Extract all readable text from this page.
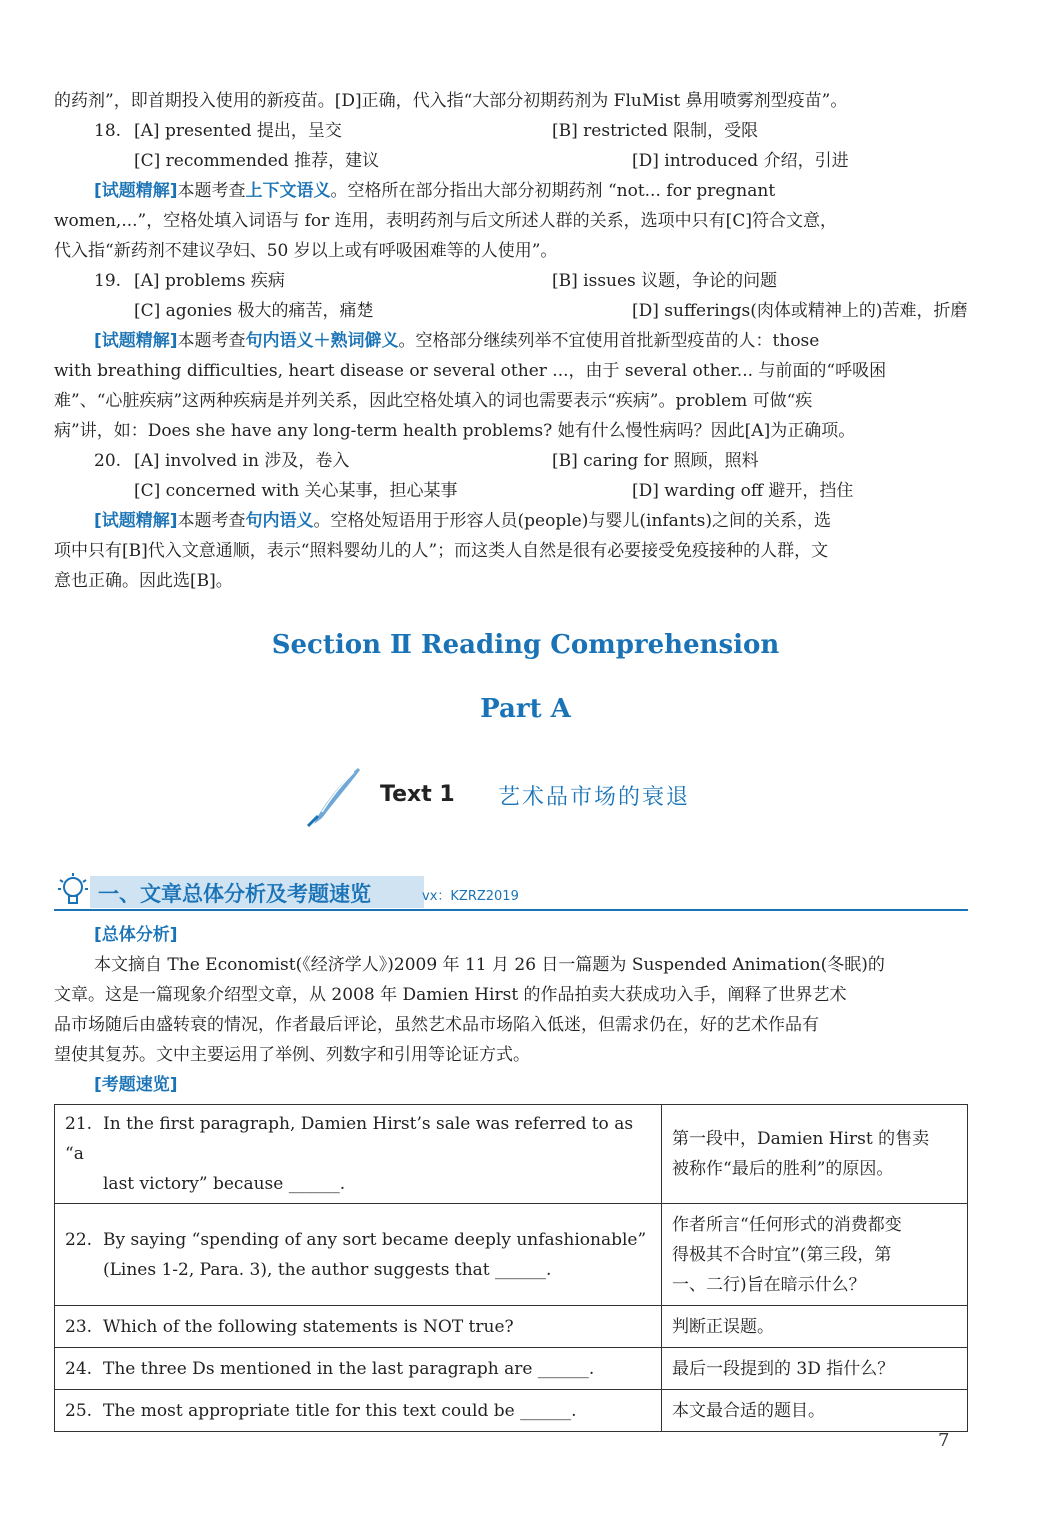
的药剂”，即首期投入使用的新疫苗。[D]正确，代入指“大部分初期药剂为 FluMist 鼻用喷雾剂型疫苗”。
18. [A] presented 提出，呈交	[B] restricted 限制，受限
[C] recommended 推荐，建议	[D] introduced 介绍，引进
[试题精解]本题考查上下文语义。空格所在部分指出大部分初期药剂 “not... for pregnant
women,...”，空格处填入词语与 for 连用，表明药剂与后文所述人群的关系，选项中只有[C]符合文意，
代入指“新药剂不建议孕妇、50 岁以上或有呼吸困难等的人使用”。
19. [A] problems 疾病	[B] issues 议题，争论的问题
[C] agonies 极大的痛苦，痛楚	[D] sufferings(肉体或精神上的)苦难，折磨
[试题精解]本题考查句内语义＋熟词僻义。空格部分继续列举不宜使用首批新型疫苗的人：those
with breathing difficulties, heart disease or several other ...，由于 several other... 与前面的“呼吸困
难”、“心脏疾病”这两种疾病是并列关系，因此空格处填入的词也需要表示“疾病”。problem 可做“疾
病”讲，如：Does she have any long-term health problems? 她有什么慢性病吗？因此[A]为正确项。
20. [A] involved in 涉及，卷入	[B] caring for 照顾，照料
[C] concerned with 关心某事，担心某事	[D] warding off 避开，挡住
[试题精解]本题考查句内语义。空格处短语用于形容人员(people)与婴儿(infants)之间的关系，选
项中只有[B]代入文意通顺，表示“照料婴幼儿的人”；而这类人自然是很有必要接受免疫接种的人群，文
意也正确。因此选[B]。
Section Ⅱ Reading Comprehension
Part A
Text 1 艺术品市场的衰退
一、文章总体分析及考题速览	vx：KZRZ2019
[总体分析]
本文摘自 The Economist(《经济学人》)2009 年 11 月 26 日一篇题为 Suspended Animation(冬眠)的
文章。这是一篇现象介绍型文章，从 2008 年 Damien Hirst 的作品拍卖大获成功入手，阐释了世界艺术
品市场随后由盛转衰的情况，作者最后评论，虽然艺术品市场陷入低迷，但需求仍在，好的艺术作品有
望使其复苏。文中主要运用了举例、列数字和引用等论证方式。
[考题速览]
21. In the first paragraph, Damien Hirst’s sale was referred to as “a
last victory” because ______.	第一段中，Damien Hirst 的售卖
被称作“最后的胜利”的原因。
22. By saying “spending of any sort became deeply unfashionable”
(Lines 1-2, Para. 3), the author suggests that ______.	作者所言“任何形式的消费都变
得极其不合时宜”(第三段，第
一、二行)旨在暗示什么？
23. Which of the following statements is NOT true?	判断正误题。
24. The three Ds mentioned in the last paragraph are ______.	最后一段提到的 3D 指什么？
25. The most appropriate title for this text could be ______.	本文最合适的题目。
7
